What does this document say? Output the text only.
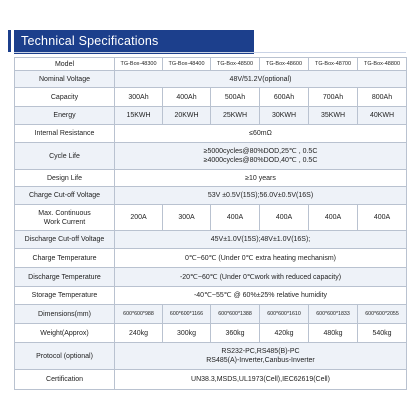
Technical Specifications
Model	TG-Box-48300	TG-Box-48400	TG-Box-48500	TG-Box-48600	TG-Box-48700	TG-Box-48800
Nominal Voltage	48V/51.2V(optional)					
Capacity	300Ah	400Ah	500Ah	600Ah	700Ah	800Ah
Energy	15KWH	20KWH	25KWH	30KWH	35KWH	40KWH
Internal Resistance	≤60mΩ					
Cycle Life	≥5000cycles@80%DOD,25℃ , 0.5C
≥4000cycles@80%DOD,40℃ , 0.5C					

Design Life	≥10 years					
Charge Cut-off Voltage	53V ±0.5V(15S);56.0V±0.5V(16S)					

Max. Continuous
Work Current	200A	300A	400A	400A	400A	400A
Discharge Cut-off Voltage	45V±1.0V(15S);48V±1.0V(16S);					
Charge Temperature	0℃~60℃ (Under 0℃ extra heating mechanism)					
Discharge Temperature	-20℃~60℃ (Under 0℃work with reduced capacity)					
Storage Temperature	-40℃~55℃ @ 60%±25% relative humidity					
Dimensions(mm)	600*600*988	600*600*1166	600*600*1388	600*600*1610	600*600*1833	600*600*2055
Weight(Approx)	240kg	300kg	360kg	420kg	480kg	540kg
Protocol (optional)	RS232-PC,RS485(B)-PC
RS485(A)-Inverter,Canbus-Inverter					

Certification	UN38.3,MSDS,UL1973(Cell),IEC62619(Cell)					
